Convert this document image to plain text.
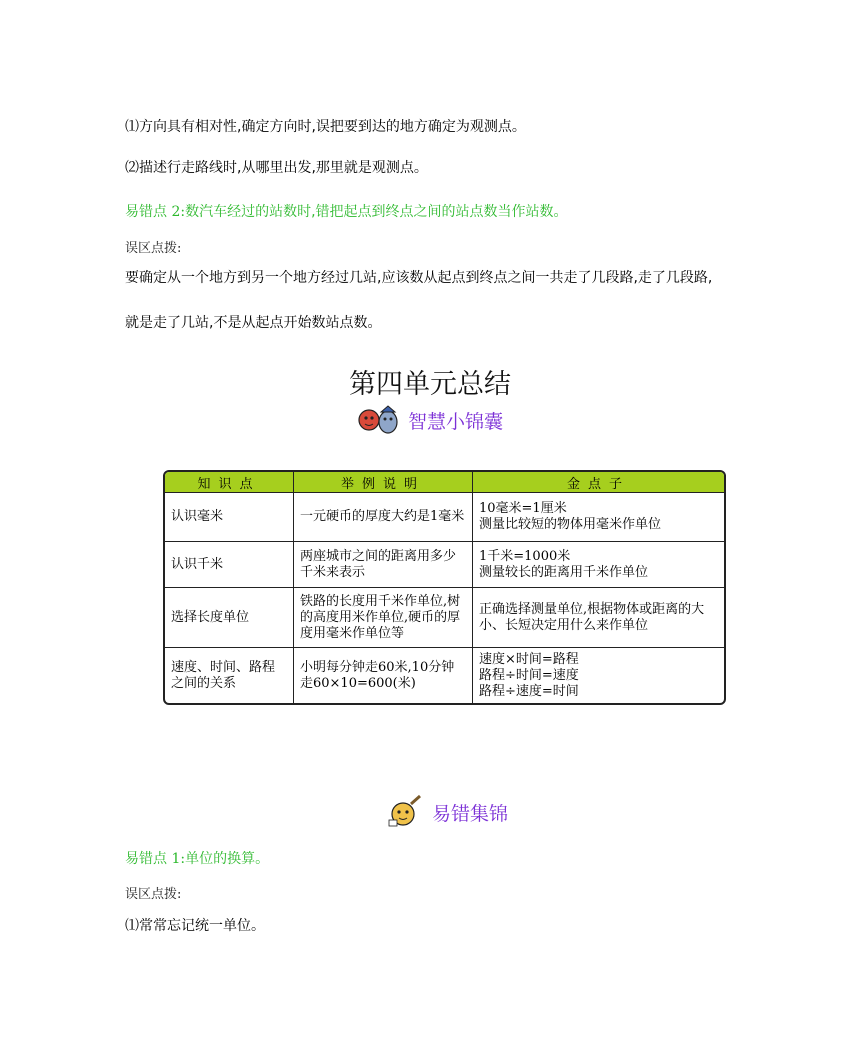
⑴方向具有相对性,确定方向时,误把要到达的地方确定为观测点。
⑵描述行走路线时,从哪里出发,那里就是观测点。
易错点 2:数汽车经过的站数时,错把起点到终点之间的站点数当作站数。
误区点拨:
要确定从一个地方到另一个地方经过几站,应该数从起点到终点之间一共走了几段路,走了几段路,
就是走了几站,不是从起点开始数站点数。
第四单元总结
智慧小锦囊
知识点	举例说明	金点子
认识毫米	一元硬币的厚度大约是1毫米	10毫米=1厘米
测量比较短的物体用毫米作单位
认识千米	两座城市之间的距离用多少千米来表示	1千米=1000米
测量较长的距离用千米作单位
选择长度单位	铁路的长度用千米作单位,树的高度用米作单位,硬币的厚度用毫米作单位等	正确选择测量单位,根据物体或距离的大小、长短决定用什么来作单位
速度、时间、路程之间的关系	小明每分钟走60米,10分钟走60×10=600(米)	速度×时间=路程
路程÷时间=速度
路程÷速度=时间
易错集锦
易错点 1:单位的换算。
误区点拨:
⑴常常忘记统一单位。
